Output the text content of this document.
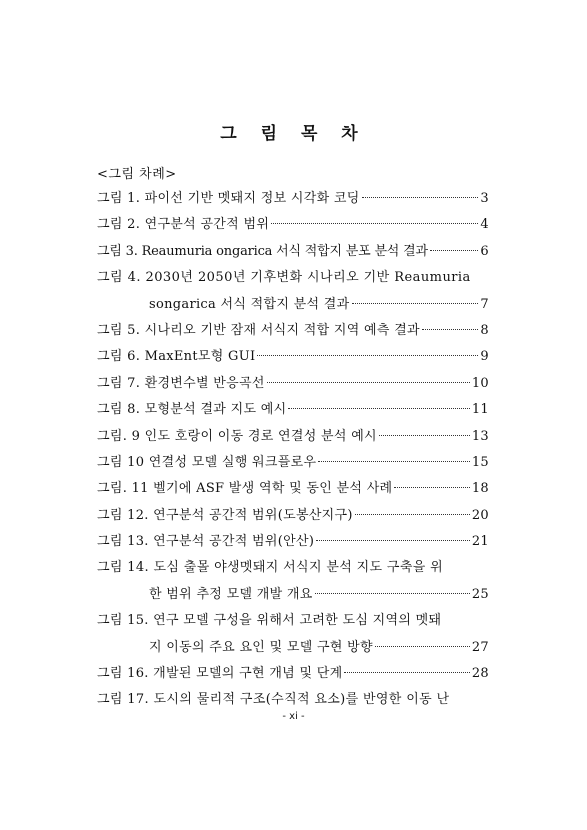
그 림 목 차
<그림 차례>
그림 1. 파이선 기반 멧돼지 정보 시각화 코딩	3
그림 2. 연구분석 공간적 범위	4
그림 3. Reaumuria ongarica 서식 적합지 분포 분석 결과	6
그림 4. 2030년 2050년 기후변화 시나리오 기반 Reaumuria
songarica 서식 적합지 분석 결과	7
그림 5. 시나리오 기반 잠재 서식지 적합 지역 예측 결과	8
그림 6. MaxEnt모형 GUI	9
그림 7. 환경변수별 반응곡선	10
그림 8. 모형분석 결과 지도 예시	11
그림. 9 인도 호랑이 이동 경로 연결성 분석 예시	13
그림 10 연결성 모델 실행 워크플로우	15
그림. 11 벨기에 ASF 발생 역학 및 동인 분석 사례	18
그림 12. 연구분석 공간적 범위(도봉산지구)	20
그림 13. 연구분석 공간적 범위(안산)	21
그림 14. 도심 출몰 야생멧돼지 서식지 분석 지도 구축을 위
한 범위 추정 모델 개발 개요	25
그림 15. 연구 모델 구성을 위해서 고려한 도심 지역의 멧돼
지 이동의 주요 요인 및 모델 구현 방향	27
그림 16. 개발된 모델의 구현 개념 및 단계	28
그림 17. 도시의 물리적 구조(수직적 요소)를 반영한 이동 난
- xi -
